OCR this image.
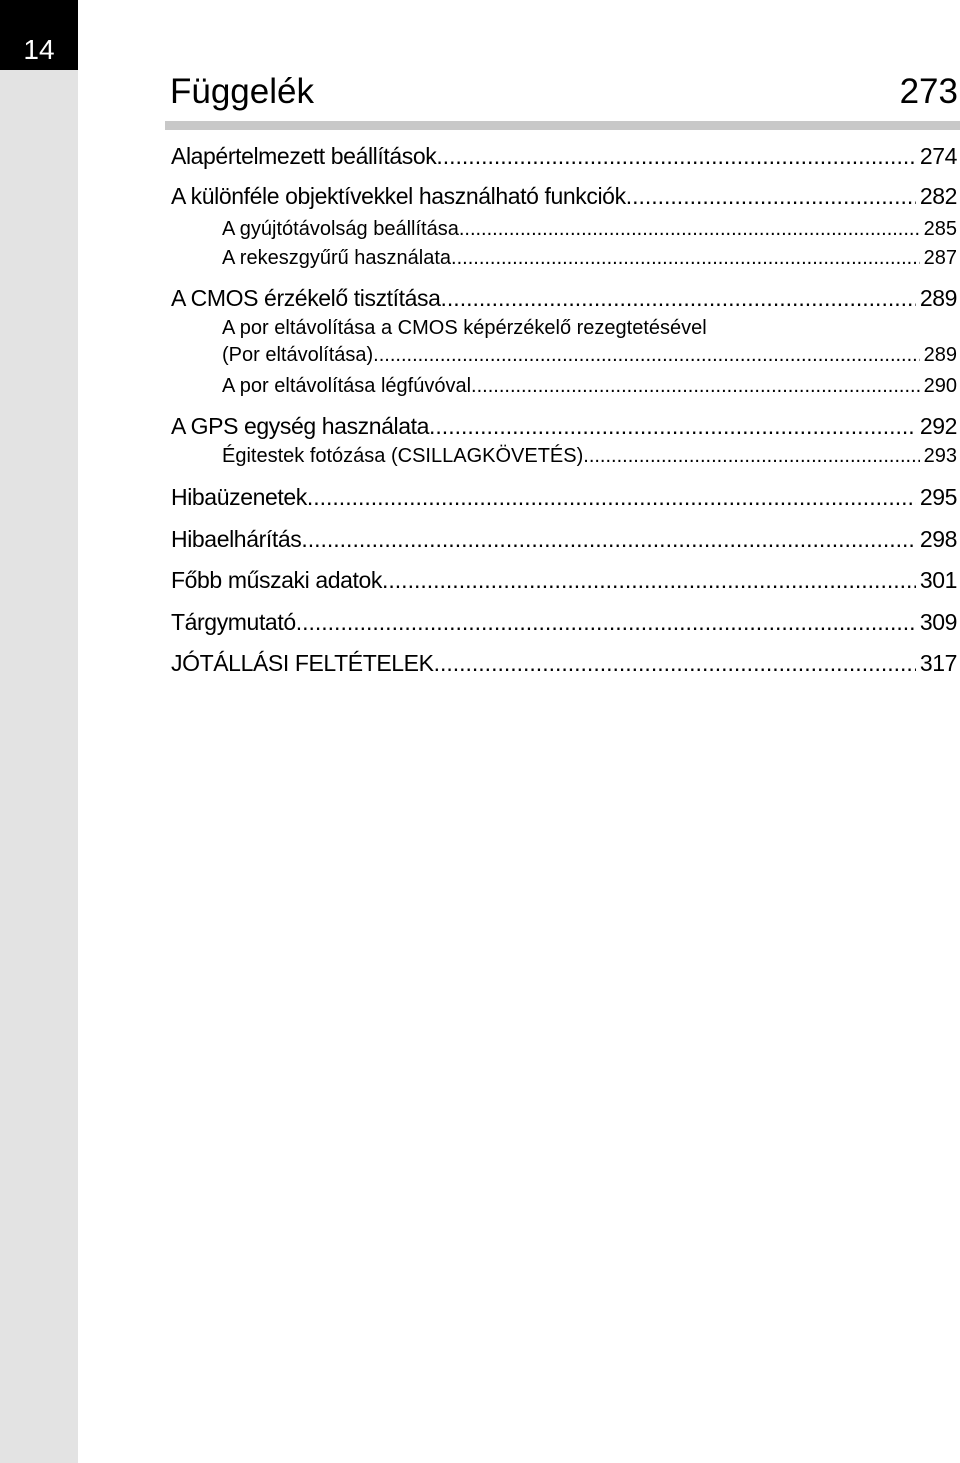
14
Függelék	273
Alapértelmezett beállítások .....	274
A különféle objektívekkel használható funkciók .....	282
A gyújtótávolság beállítása .....	285
A rekeszgyűrű használata .....	287
A CMOS érzékelő tisztítása .....	289
A por eltávolítása a CMOS képérzékelő rezegtetésével
(Por eltávolítása) .....	289
A por eltávolítása légfúvóval .....	290
A GPS egység használata .....	292
Égitestek fotózása (CSILLAGKÖVETÉS) .....	293
Hibaüzenetek .....	295
Hibaelhárítás .....	298
Főbb műszaki adatok .....	301
Tárgymutató .....	309
JÓTÁLLÁSI FELTÉTELEK .....	317
